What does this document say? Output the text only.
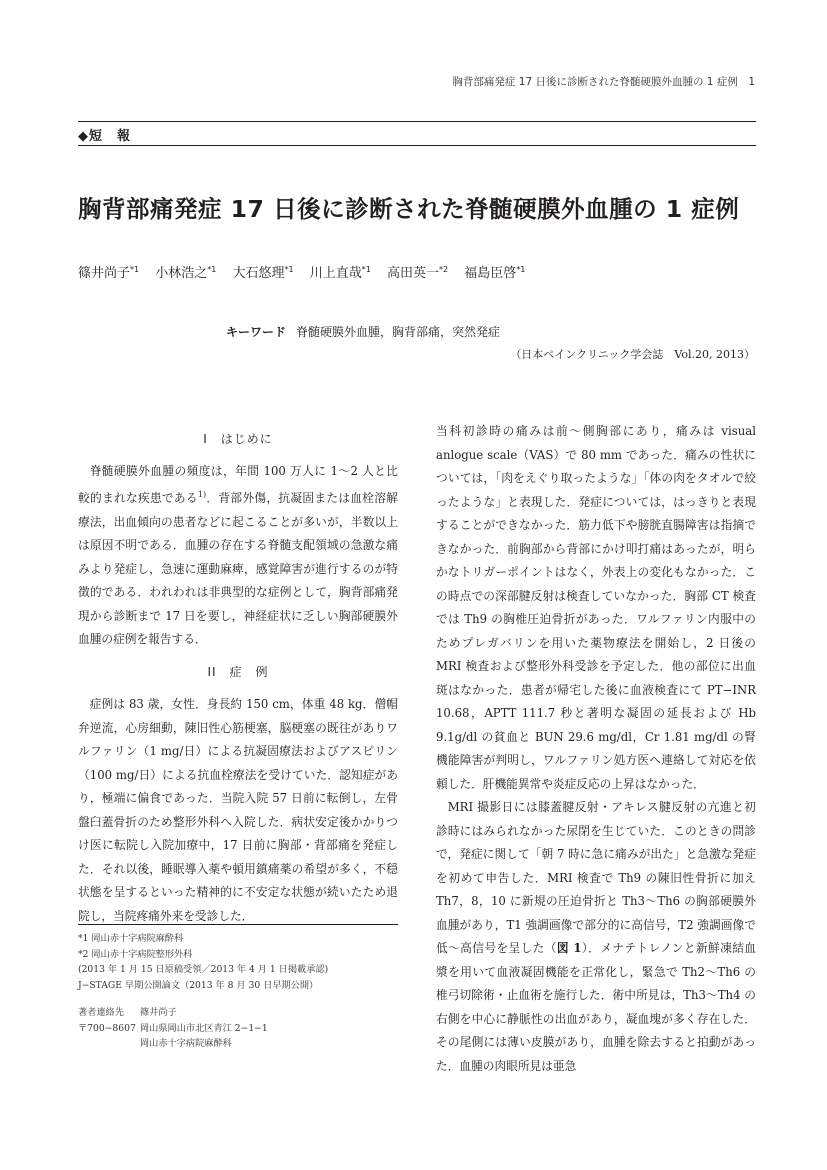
胸背部痛発症 17 日後に診断された脊髄硬膜外血腫の 1 症例　1
◆短　報
胸背部痛発症 17 日後に診断された脊髄硬膜外血腫の 1 症例
篠井尚子$^{*1}$ 小林浩之$^{*1}$ 大石悠理$^{*1}$ 川上直哉$^{*1}$ 高田英一$^{*2}$ 福島臣啓$^{*1}$
キーワード 脊髄硬膜外血腫，胸背部痛，突然発症
（日本ペインクリニック学会誌　Vol.20, 2013）
I　はじめに

脊髄硬膜外血腫の頻度は，年間 100 万人に 1〜2 人と比較的まれな疾患である$^{1)}$．背部外傷，抗凝固または血栓溶解療法，出血傾向の患者などに起こることが多いが，半数以上は原因不明である．血腫の存在する脊髄支配領域の急激な痛みより発症し，急速に運動麻痺，感覚障害が進行するのが特徴的である．われわれは非典型的な症例として，胸背部痛発現から診断まで 17 日を要し，神経症状に乏しい胸部硬膜外血腫の症例を報告する．

II　症　例

症例は 83 歳，女性．身長約 150 cm，体重 48 kg．僧帽弁逆流，心房細動，陳旧性心筋梗塞，脳梗塞の既往がありワルファリン（1 mg/日）による抗凝固療法およびアスピリン（100 mg/日）による抗血栓療法を受けていた．認知症があり，極端に偏食であった．当院入院 57 日前に転倒し，左骨盤臼蓋骨折のため整形外科へ入院した．病状安定後かかりつけ医に転院し入院加療中，17 日前に胸部・背部痛を発症した．それ以後，睡眠導入薬や頓用鎮痛薬の希望が多く，不穏状態を呈するといった精神的に不安定な状態が続いたため退院し，当院疼痛外来を受診した．

当科初診時の痛みは前〜側胸部にあり，痛みは visual anlogue scale（VAS）で 80 mm であった．痛みの性状については，「肉をえぐり取ったような」「体の肉をタオルで絞ったような」と表現した．発症については，はっきりと表現することができなかった．筋力低下や膀胱直腸障害は指摘できなかった．前胸部から背部にかけ叩打痛はあったが，明らかなトリガーポイントはなく，外表上の変化もなかった．この時点での深部腱反射は検査していなかった．胸部 CT 検査では Th9 の胸椎圧迫骨折があった．ワルファリン内服中のためプレガバリンを用いた薬物療法を開始し，2 日後の MRI 検査および整形外科受診を予定した．他の部位に出血斑はなかった．患者が帰宅した後に血液検査にて PT−INR 10.68，APTT 111.7 秒と著明な凝固の延長および Hb 9.1g/dl の貧血と BUN 29.6 mg/dl，Cr 1.81 mg/dl の腎機能障害が判明し，ワルファリン処方医へ連絡して対応を依頼した．肝機能異常や炎症反応の上昇はなかった．

MRI 撮影日には膝蓋腱反射・アキレス腱反射の亢進と初診時にはみられなかった尿閉を生じていた．このときの問診で，発症に関して「朝 7 時に急に痛みが出た」と急激な発症を初めて申告した．MRI 検査で Th9 の陳旧性骨折に加え Th7，8，10 に新規の圧迫骨折と Th3〜Th6 の胸部硬膜外血腫があり，T1 強調画像で部分的に高信号，T2 強調画像で低〜高信号を呈した（図 1）．メナテトレノンと新鮮凍結血漿を用いて血液凝固機能を正常化し，緊急で Th2〜Th6 の椎弓切除術・止血術を施行した．術中所見は，Th3〜Th4 の右側を中心に静脈性の出血があり，凝血塊が多く存在した．その尾側には薄い皮膜があり，血腫を除去すると拍動があった．血腫の肉眼所見は亜急

*1 岡山赤十字病院麻酔科

*2 岡山赤十字病院整形外科

(2013 年 1 月 15 日原稿受領／2013 年 4 月 1 日掲載承認)

J−STAGE 早期公開論文（2013 年 8 月 30 日早期公開）

著者連絡先	篠井尚子

〒700−8607 岡山県岡山市北区青江 2−1−1

岡山赤十字病院麻酔科
